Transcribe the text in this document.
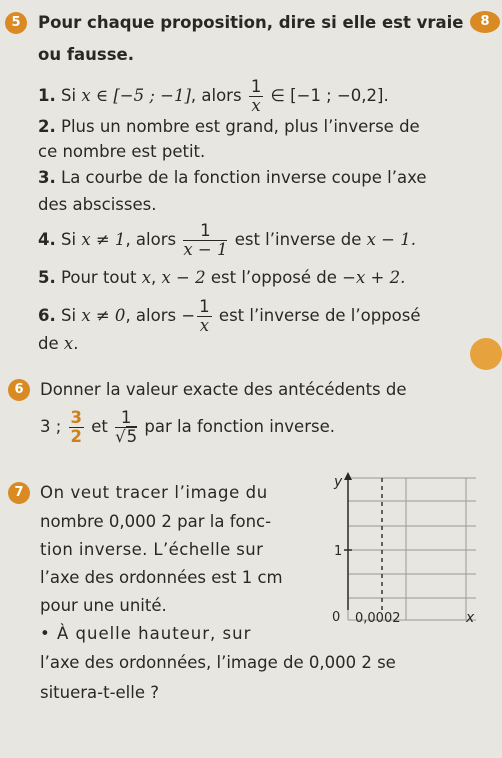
5	Pour chaque proposition, dire si elle est vraie	8
ou fausse.
1. Si x ∈ [−5 ; −1], alors $\frac{1}{x}$ ∈ [−1 ; −0,2].
2. Plus un nombre est grand, plus l’inverse de
ce nombre est petit.
3. La courbe de la fonction inverse coupe l’axe
des abscisses.
4. Si x ≠ 1, alors $\frac{1}{x - 1}$ est l’inverse de x − 1.
5. Pour tout x, x − 2 est l’opposé de −x + 2.
6. Si x ≠ 0, alors − $\frac{1}{x}$ est l’inverse de l’opposé
de x.
6 Donner la valeur exacte des antécédents de
3 ; $\frac{3}{2}$ et $\frac{1}{√5}$ par la fonction inverse.
7 On veut tracer l’image du
nombre 0,000 2 par la fonc-
tion inverse. L’échelle sur
l’axe des ordonnées est 1 cm
pour une unité.
• À quelle hauteur, sur
l’axe des ordonnées, l’image de 0,000 2 se
situera-t-elle ?
y
1
0 0,0002	x
